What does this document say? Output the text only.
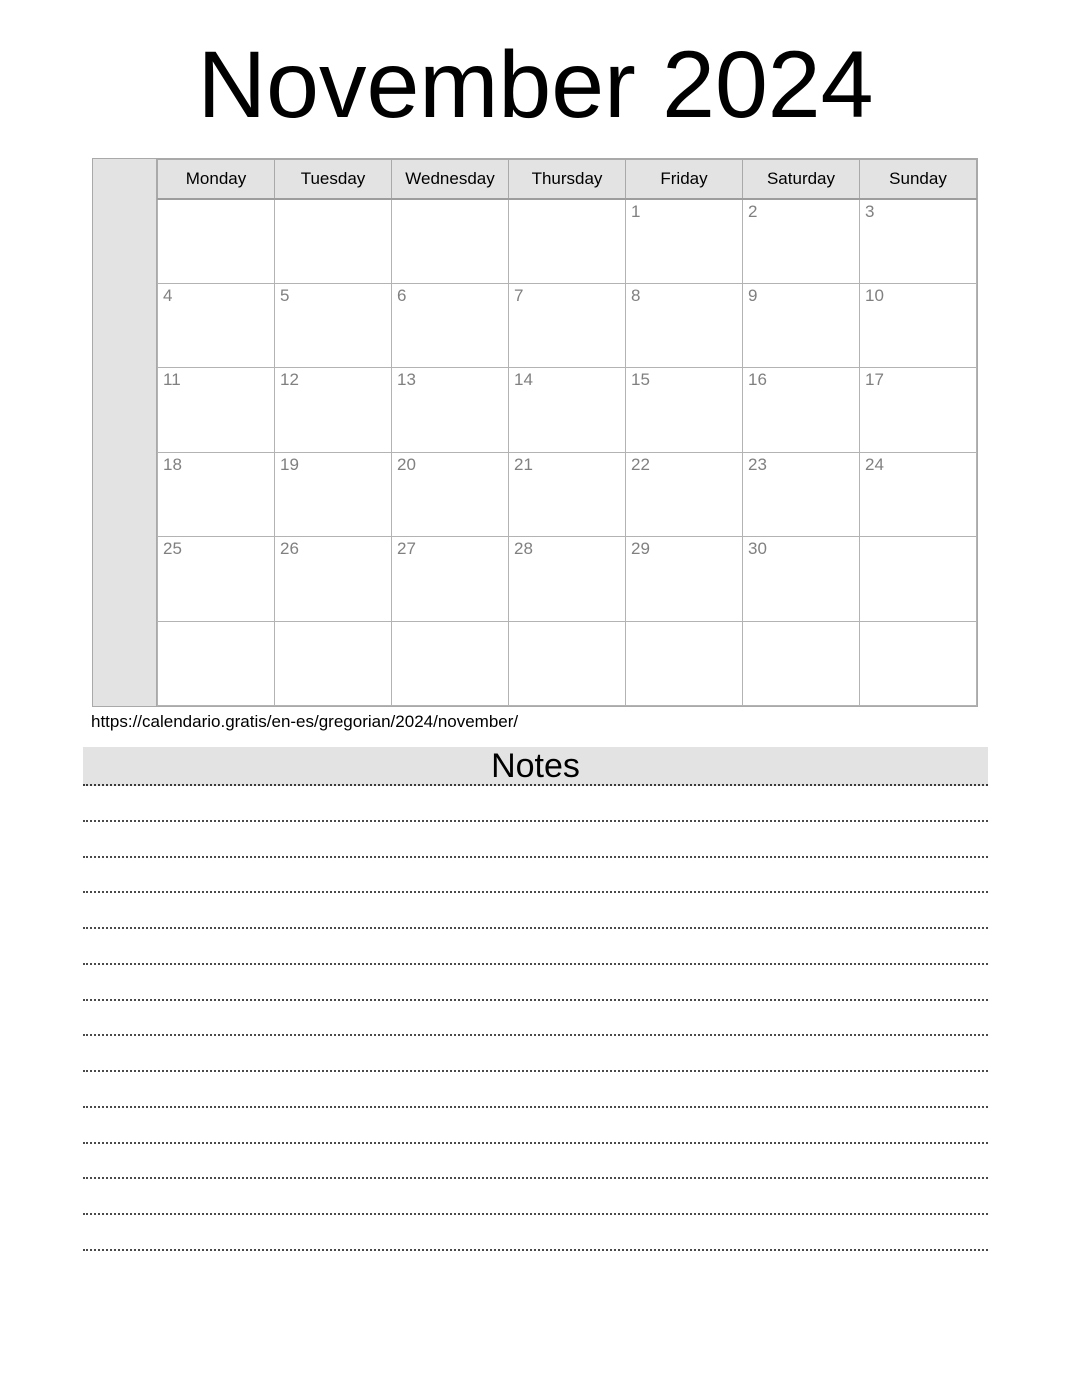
November 2024
Monday	Tuesday	Wednesday	Thursday	Friday	Saturday	Sunday
				1	2	3
4	5	6	7	8	9	10
11	12	13	14	15	16	17
18	19	20	21	22	23	24
25	26	27	28	29	30	

https://calendario.gratis/en-es/gregorian/2024/november/
Notes
